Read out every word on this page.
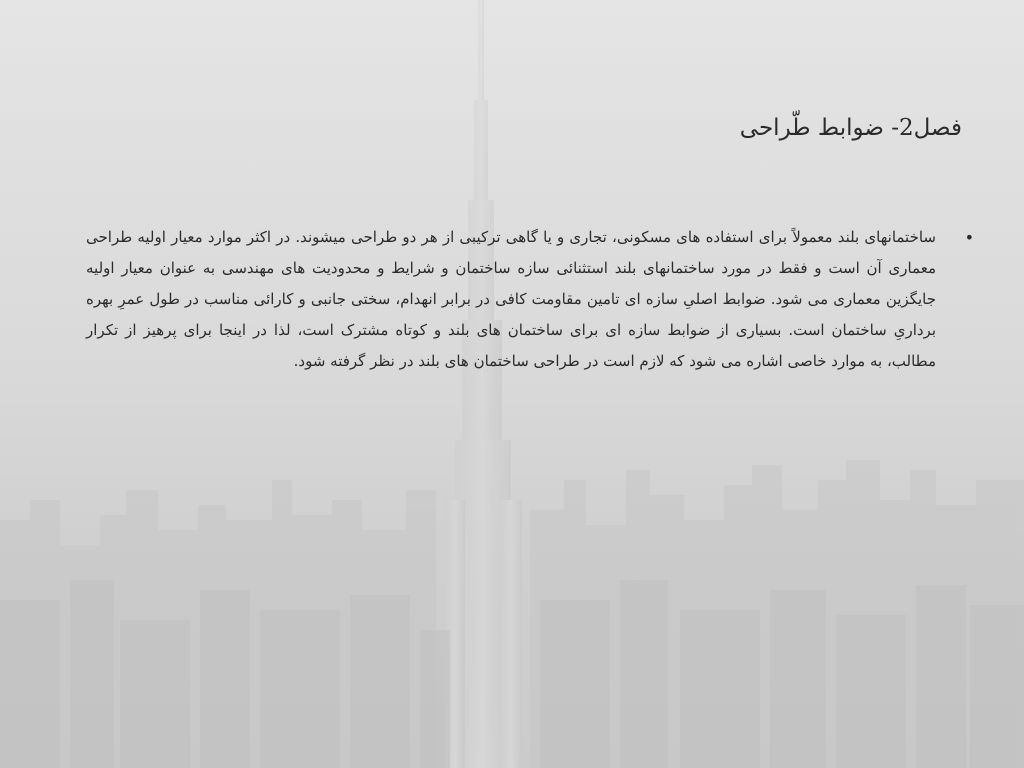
فصل2- ضوابط طّراحی
•
ساختمانهای بلند معمولاً برای استفاده های مسکونی، تجاری و یا گاهی ترکیبی از هر دو طراحی میشوند. در اکثر موارد معیار اولیه طراحی معماری آن است و فقط در مورد ساختمانهای بلند استثنائی سازه ساختمان و شرایط و محدودیت های مهندسی به عنوان معیار اولیه جایگزین معماری می شود. ضوابط اصلیِ سازه ای تامین مقاومت کافی در برابر انهدام، سختی جانبی و کارائی مناسب در طول عمرِ بهره برداریِ ساختمان است. بسیاری از ضوابط سازه ای برای ساختمان های بلند و کوتاه مشترک است، لذا در اینجا برای پرهیز از تکرار مطالب، به موارد خاصی اشاره می شود که لازم است در طراحی ساختمان های بلند در نظر گرفته شود.
